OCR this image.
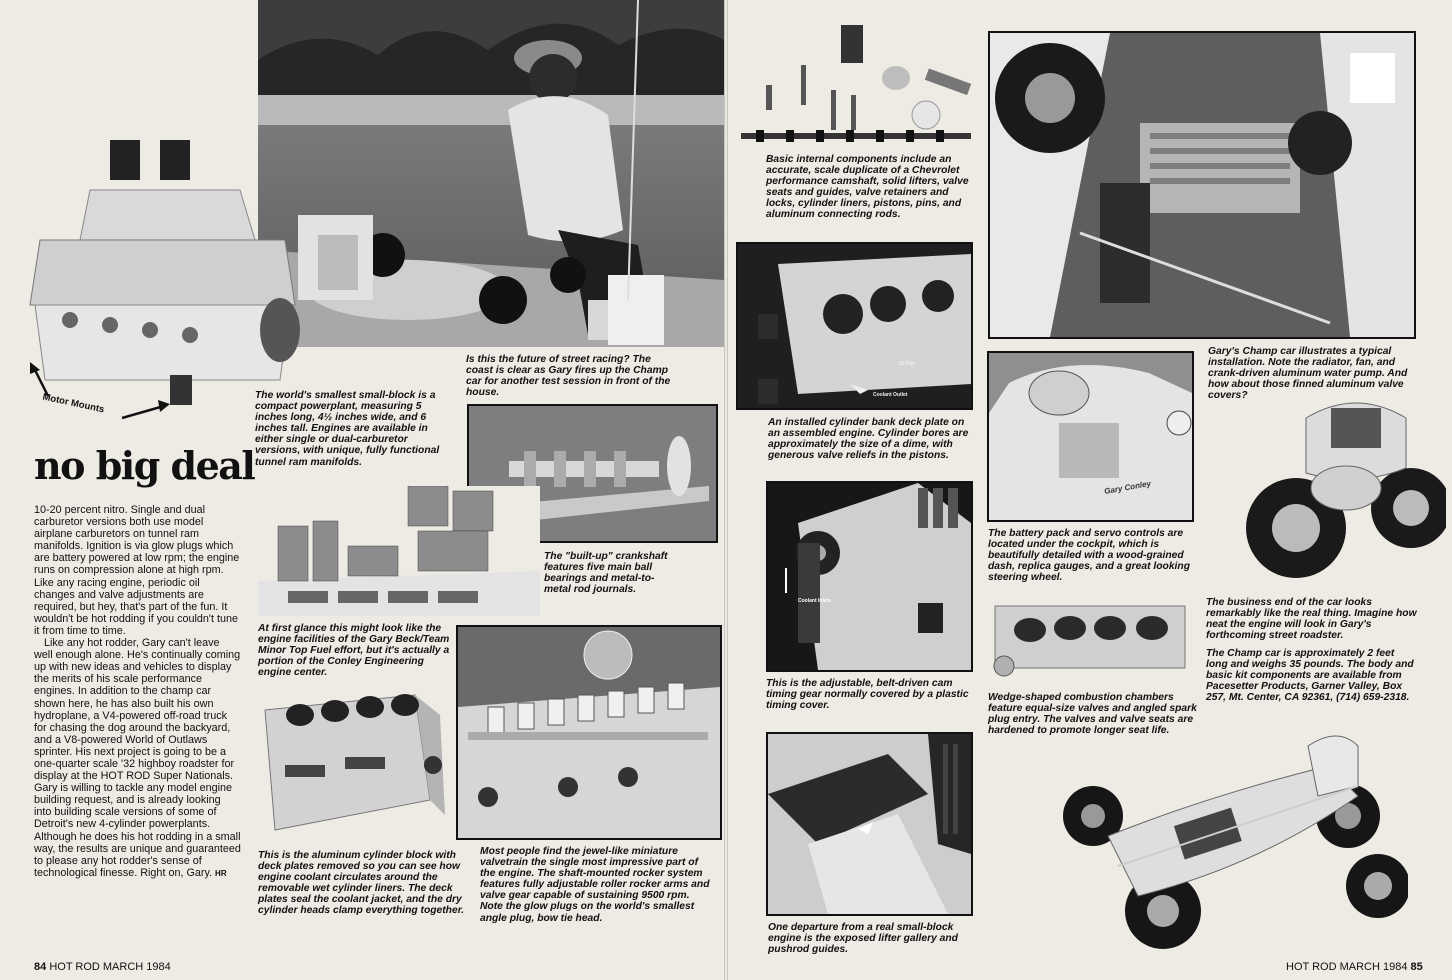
Motor Mounts	The world's smallest small-block is a compact powerplant, measuring 5 inches long, 4½ inches wide, and 6 inches tall. Engines are available in either single or dual-carburetor versions, with unique, fully functional tunnel ram manifolds.

Is this the future of street racing? The coast is clear as Gary fires up the Champ car for another test session in front of the house.

no big deal

10-20 percent nitro. Single and dual carburetor versions both use model airplane carburetors on tunnel ram manifolds. Ignition is via glow plugs which are battery powered at low rpm; the engine runs on compression alone at high rpm. Like any racing engine, periodic oil changes and valve adjustments are required, but hey, that's part of the fun. It wouldn't be hot rodding if you couldn't tune it from time to time.

Like any hot rodder, Gary can't leave well enough alone. He's continually coming up with new ideas and vehicles to display the merits of his scale performance engines. In addition to the champ car shown here, he has also built his own hydroplane, a V4-powered off-road truck for chasing the dog around the backyard, and a V8-powered World of Outlaws sprinter. His next project is going to be a one-quarter scale '32 highboy roadster for display at the HOT ROD Super Nationals. Gary is willing to tackle any model engine building request, and is already looking into building scale versions of some of Detroit's new 4-cylinder powerplants. Although he does his hot rodding in a small way, the results are unique and guaranteed to please any hot rodder's sense of technological finesse. Right on, Gary. HR

The "built-up" crankshaft features five main ball bearings and metal-to-metal rod journals.

At first glance this might look like the engine facilities of the Gary Beck/Team Minor Top Fuel effort, but it's actually a portion of the Conley Engineering engine center.

This is the aluminum cylinder block with deck plates removed so you can see how engine coolant circulates around the removable wet cylinder liners. The deck plates seal the coolant jacket, and the dry cylinder heads clamp everything together.

Most people find the jewel-like miniature valvetrain the single most impressive part of the engine. The shaft-mounted rocker system features fully adjustable roller rocker arms and valve gear capable of sustaining 9500 rpm. Note the glow plugs on the world's smallest angle plug, bow tie head.

84 HOT ROD MARCH 1984

Basic internal components include an accurate, scale duplicate of a Chevrolet performance camshaft, solid lifters, valve seats and guides, valve retainers and locks, cylinder liners, pistons, pins, and aluminum connecting rods.

Gary's Champ car illustrates a typical installation. Note the radiator, fan, and crank-driven aluminum water pump. And how about those finned aluminum valve covers?

Oil Pan
Coolant Outlet

An installed cylinder bank deck plate on an assembled engine. Cylinder bores are approximately the size of a dime, with generous valve reliefs in the pistons.

Gary Conley

The battery pack and servo controls are located under the cockpit, which is beautifully detailed with a wood-grained dash, replica gauges, and a great looking steering wheel.

The business end of the car looks remarkably like the real thing. Imagine how neat the engine will look in Gary's forthcoming street roadster.

The Champ car is approximately 2 feet long and weighs 35 pounds. The body and basic kit components are available from Pacesetter Products, Garner Valley, Box 257, Mt. Center, CA 92361, (714) 659-2318.

Coolant Inlets

This is the adjustable, belt-driven cam timing gear normally covered by a plastic timing cover.

Wedge-shaped combustion chambers feature equal-size valves and angled spark plug entry. The valves and valve seats are hardened to promote longer seat life.

One departure from a real small-block engine is the exposed lifter gallery and pushrod guides.

HOT ROD MARCH 1984 85
